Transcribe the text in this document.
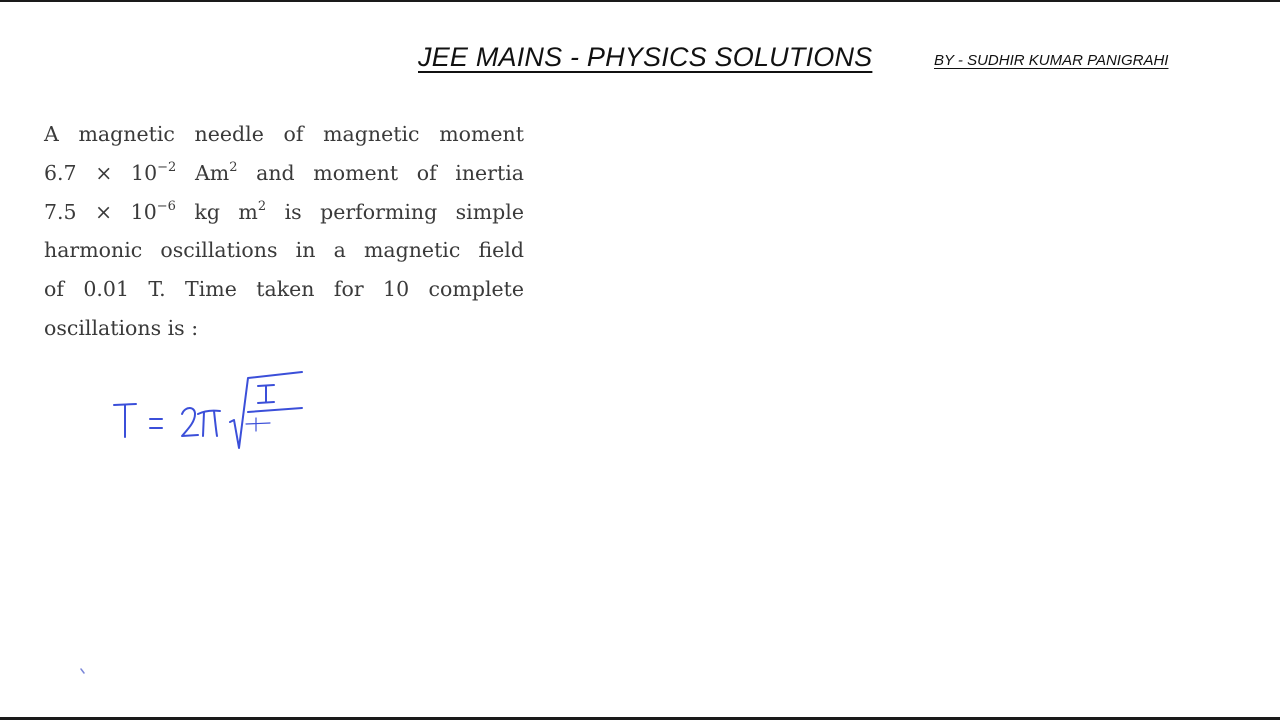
JEE MAINS - PHYSICS SOLUTIONS	BY - SUDHIR KUMAR PANIGRAHI
A magnetic needle of magnetic moment
$6.7 \times 10^{-2}$ Am$^2$ and moment of inertia
$7.5 \times 10^{-6}$ kg $m^2$ is performing simple
harmonic oscillations in a magnetic field
of 0.01 T. Time taken for 10 complete
oscillations is :
